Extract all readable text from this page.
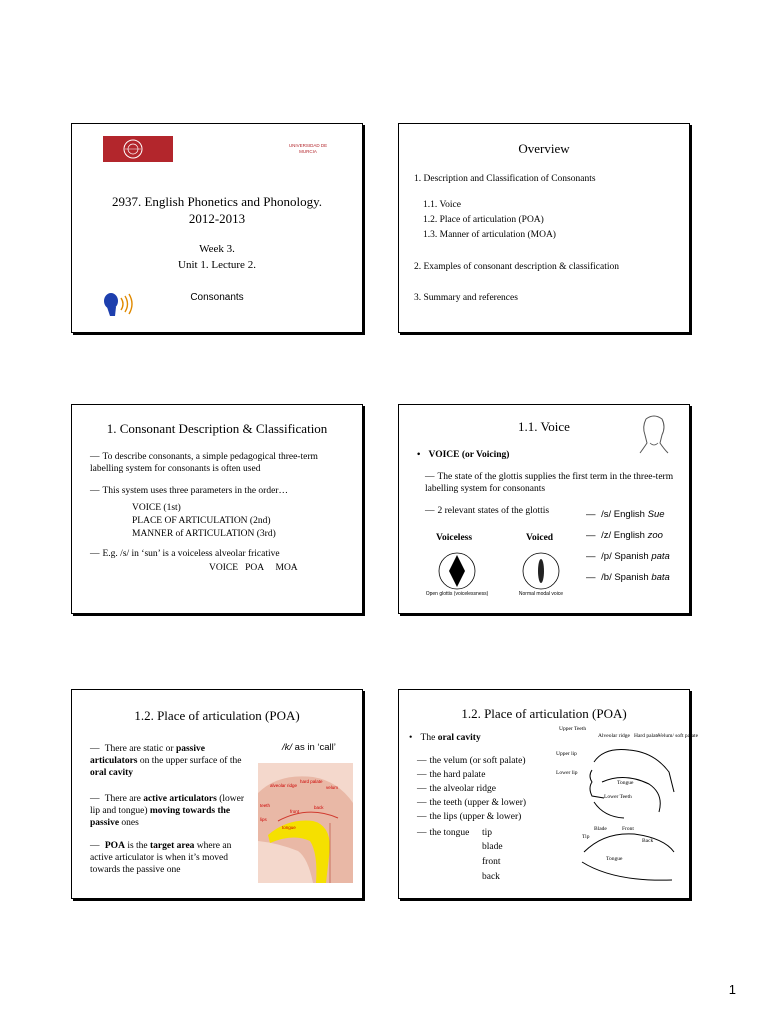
UNIVERSIDAD DE MURCIA
2937. English Phonetics and Phonology.
2012-2013
Week 3.
Unit 1. Lecture 2.
Consonants
Overview
1. Description and Classification of Consonants
1.1. Voice
1.2. Place of articulation (POA)
1.3. Manner of articulation (MOA)
2. Examples of consonant description & classification
3. Summary and references
1. Consonant Description & Classification
— To describe consonants, a simple pedagogical three-term labelling system for consonants is often used
— This system uses three parameters in the order…
VOICE (1st)
PLACE OF ARTICULATION (2nd)
MANNER of ARTICULATION (3rd)
— E.g. /s/ in ‘sun’ is a voiceless alveolar fricative
VOICE   POA     MOA
1.1. Voice
• VOICE (or Voicing)
— The state of the glottis supplies the first term in the three-term labelling system for consonants
— 2 relevant states of the glottis
Voiceless	Voiced
Open glottis (voicelessness)	Normal modal voice
— /s/ English Sue
— /z/ English zoo
— /p/ Spanish pata
— /b/ Spanish bata
1.2. Place of articulation (POA)
/k/ as in ‘call’
— There are static or passive articulators on the upper surface of the oral cavity
— There are active articulators (lower lip and tongue) moving towards the passive ones
— POA is the target area where an active articulator is when it’s moved towards the passive one
alveolar ridge
hard palate
velum
lips
teeth
front
back
tongue
1.2. Place of articulation (POA)
• The oral cavity
— the velum (or soft palate)
— the hard palate
— the alveolar ridge
— the teeth (upper & lower)
— the lips (upper & lower)
— the tongue tip
blade
front
back
Upper Teeth
Alveolar ridge Hard palate
Velum/ soft palate
Upper lip
Lower lip
Tongue
Lower Teeth
Blade	Front
Tip
Back
Tongue
1
